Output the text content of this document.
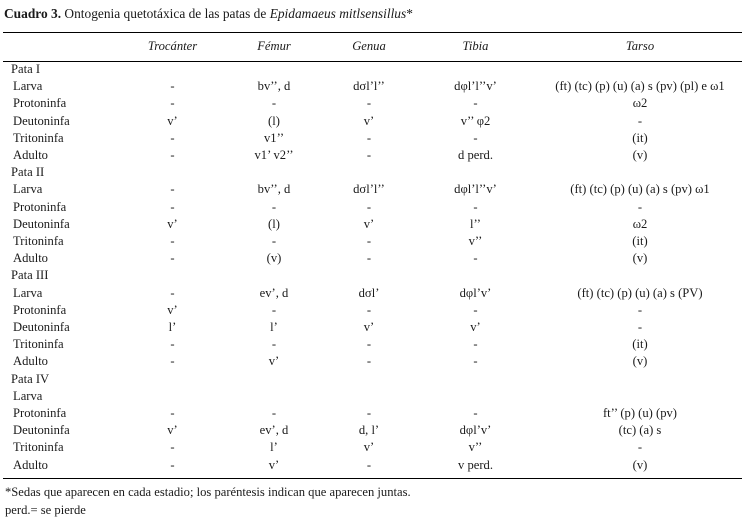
Cuadro 3. Ontogenia quetotáxica de las patas de Epidamaeus mitlsensillus*
	Trocánter	Fémur	Genua	Tibia	Tarso
Pata I					
Larva	-	bv’’, d	dσl’l’’	dφl’l’’v’	(ft) (tc) (p) (u) (a) s (pv) (pl) e ω1
Protoninfa	-	-	-	-	ω2
Deutoninfa	v’	(l)	v’	v’’ φ2	-
Tritoninfa	-	v1’’	-	-	(it)
Adulto	-	v1’ v2’’	-	d perd.	(v)
Pata II					
Larva	-	bv’’, d	dσl’l’’	dφl’l’’v’	(ft) (tc) (p) (u) (a) s (pv) ω1
Protoninfa	-	-	-	-	-
Deutoninfa	v’	(l)	v’	l’’	ω2
Tritoninfa	-	-	-	v’’	(it)
Adulto	-	(v)	-	-	(v)
Pata III					
Larva	-	ev’, d	dσl’	dφl’v’	(ft) (tc) (p) (u) (a) s (PV)
Protoninfa	v’	-	-	-	-
Deutoninfa	l’	l’	v’	v’	-
Tritoninfa	-	-	-	-	(it)
Adulto	-	v’	-	-	(v)
Pata IV					
Larva					
Protoninfa	-	-	-	-	ft’’ (p) (u) (pv)
Deutoninfa	v’	ev’, d	d, l’	dφl’v’	(tc) (a) s
Tritoninfa	-	l’	v’	v’’	-
Adulto	-	v’	-	v perd.	(v)
*Sedas que aparecen en cada estadio; los paréntesis indican que aparecen juntas.
perd.= se pierde
